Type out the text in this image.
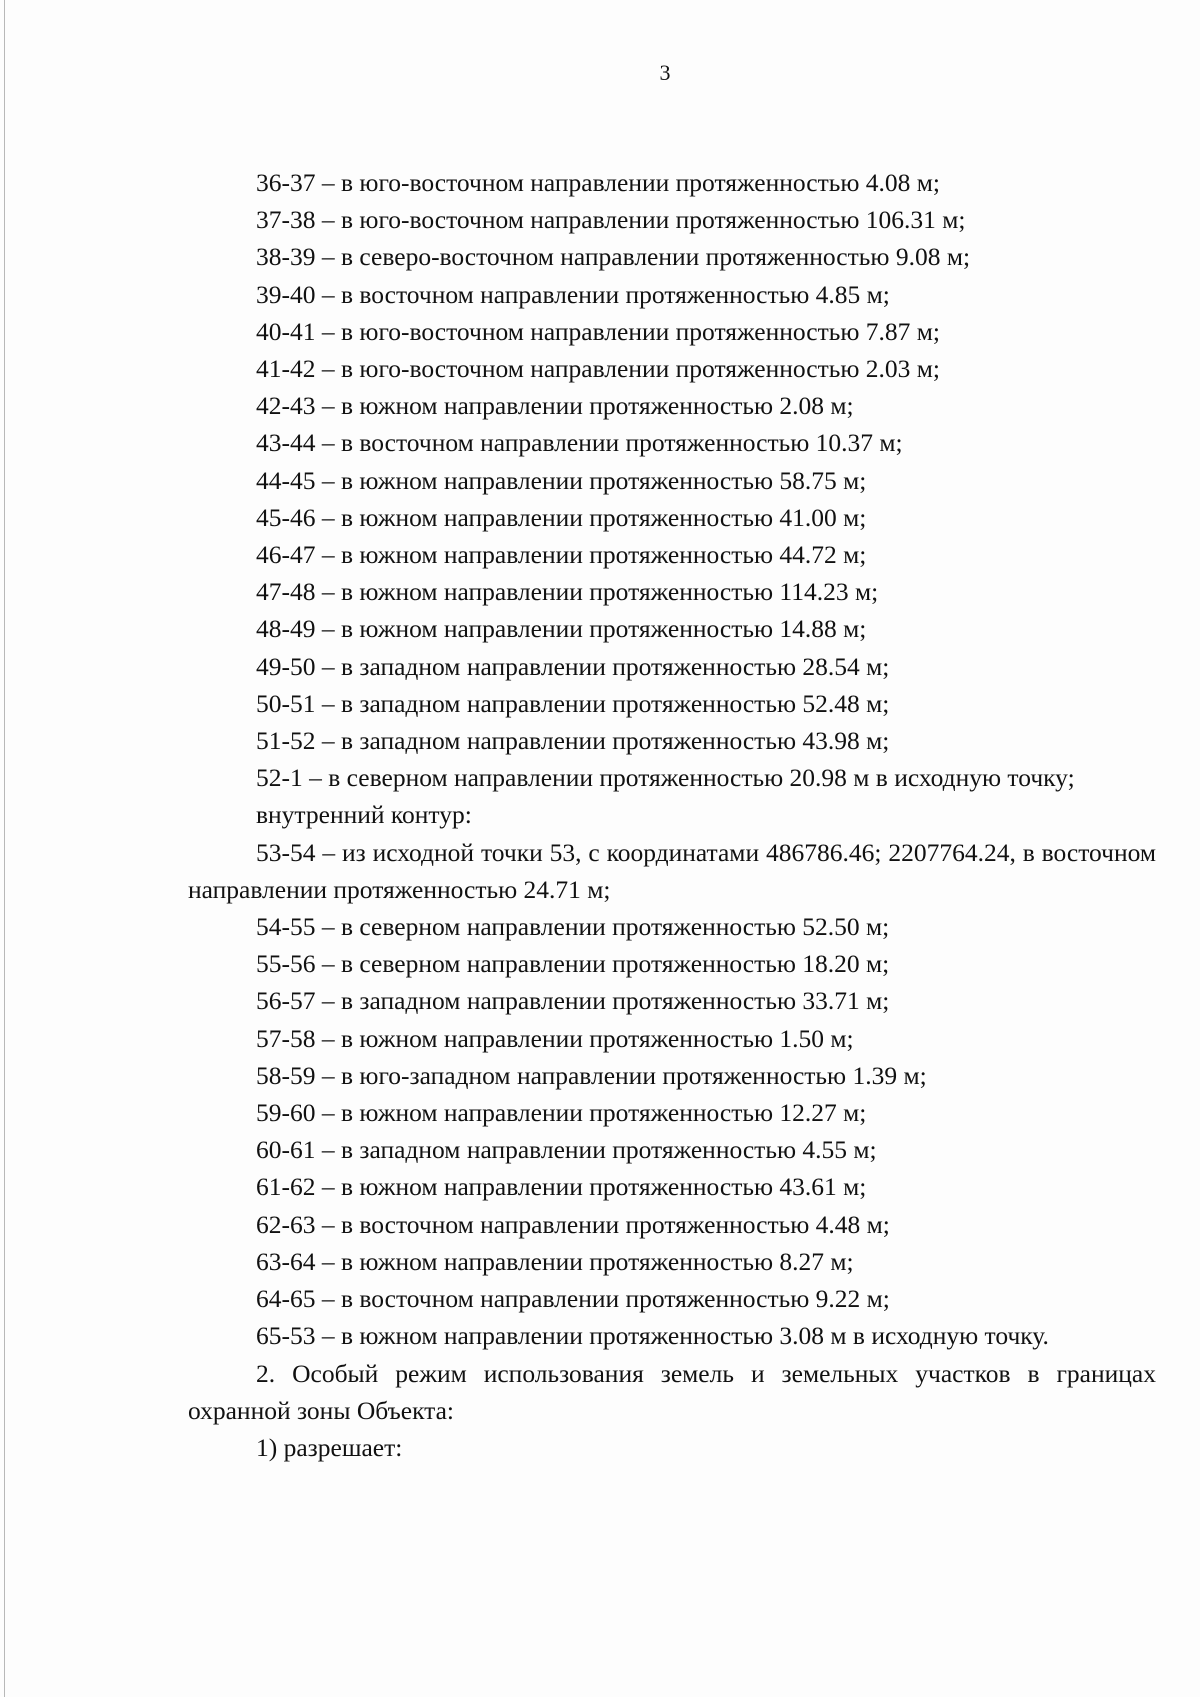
3
36-37 – в юго-восточном направлении протяженностью 4.08 м;
37-38 – в юго-восточном направлении протяженностью 106.31 м;
38-39 – в северо-восточном направлении протяженностью 9.08 м;
39-40 – в восточном направлении протяженностью 4.85 м;
40-41 – в юго-восточном направлении протяженностью 7.87 м;
41-42 – в юго-восточном направлении протяженностью 2.03 м;
42-43 – в южном направлении протяженностью 2.08 м;
43-44 – в восточном направлении протяженностью 10.37 м;
44-45 – в южном направлении протяженностью 58.75 м;
45-46 – в южном направлении протяженностью 41.00 м;
46-47 – в южном направлении протяженностью 44.72 м;
47-48 – в южном направлении протяженностью 114.23 м;
48-49 – в южном направлении протяженностью 14.88 м;
49-50 – в западном направлении протяженностью 28.54 м;
50-51 – в западном направлении протяженностью 52.48 м;
51-52 – в западном направлении протяженностью 43.98 м;
52-1 – в северном направлении протяженностью 20.98 м в исходную точку;
внутренний контур:
53-54 – из исходной точки 53, с координатами 486786.46; 2207764.24, в восточном направлении протяженностью 24.71 м;
54-55 – в северном направлении протяженностью 52.50 м;
55-56 – в северном направлении протяженностью 18.20 м;
56-57 – в западном направлении протяженностью 33.71 м;
57-58 – в южном направлении протяженностью 1.50 м;
58-59 – в юго-западном направлении протяженностью 1.39 м;
59-60 – в южном направлении протяженностью 12.27 м;
60-61 – в западном направлении протяженностью 4.55 м;
61-62 – в южном направлении протяженностью 43.61 м;
62-63 – в восточном направлении протяженностью 4.48 м;
63-64 – в южном направлении протяженностью 8.27 м;
64-65 – в восточном направлении протяженностью 9.22 м;
65-53 – в южном направлении протяженностью 3.08 м в исходную точку.
2. Особый режим использования земель и земельных участков в границах охранной зоны Объекта:
1) разрешает:
